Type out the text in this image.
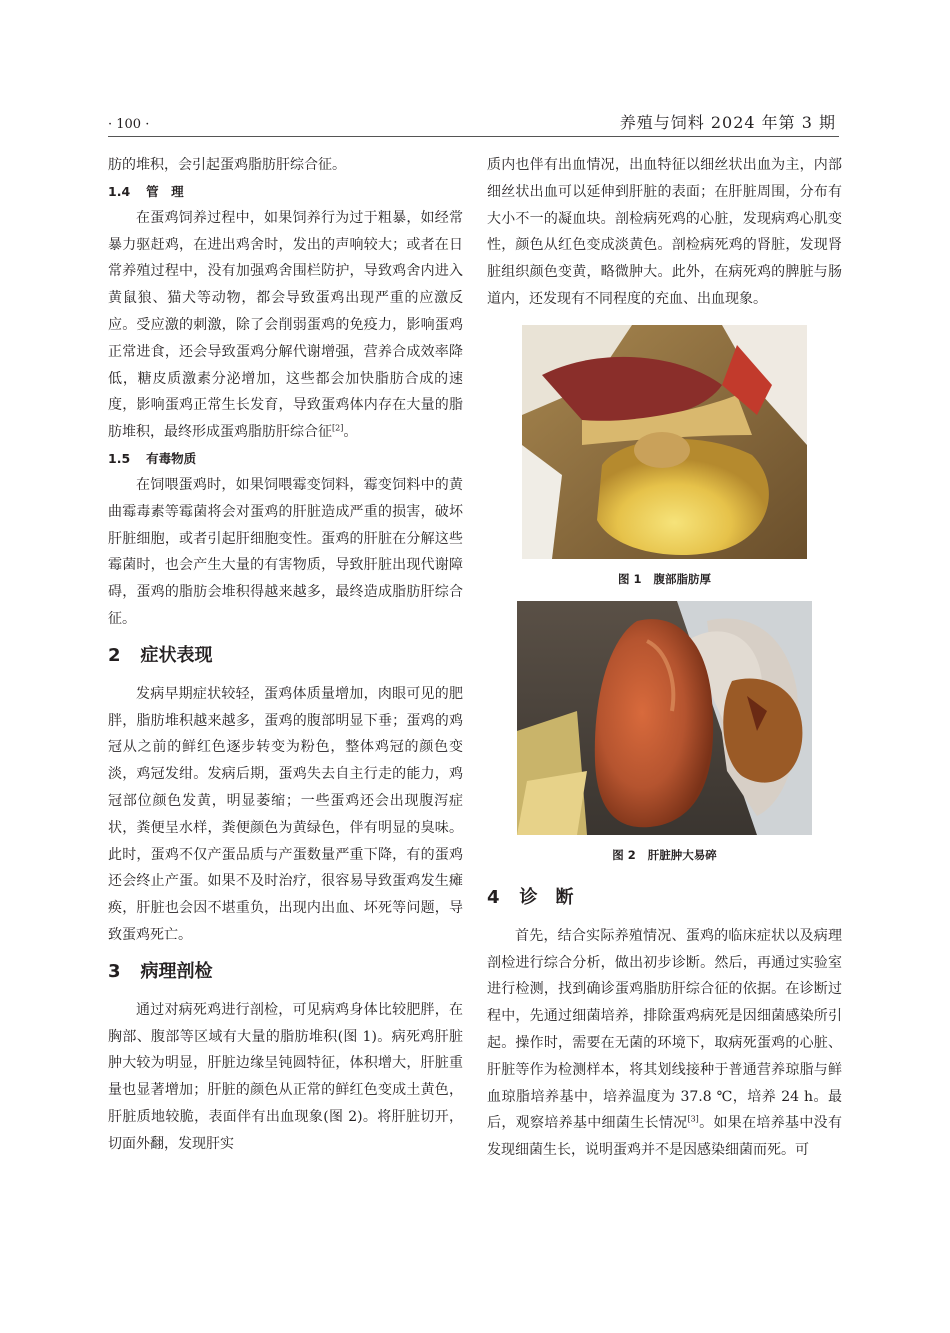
· 100 ·	养殖与饲料 2024 年第 3 期

肪的堆积，会引起蛋鸡脂肪肝综合征。

1.4 管　理

在蛋鸡饲养过程中，如果饲养行为过于粗暴，如经常暴力驱赶鸡，在进出鸡舍时，发出的声响较大；或者在日常养殖过程中，没有加强鸡舍围栏防护，导致鸡舍内进入黄鼠狼、猫犬等动物，都会导致蛋鸡出现严重的应激反应。受应激的刺激，除了会削弱蛋鸡的免疫力，影响蛋鸡正常进食，还会导致蛋鸡分解代谢增强，营养合成效率降低，糖皮质激素分泌增加，这些都会加快脂肪合成的速度，影响蛋鸡正常生长发育，导致蛋鸡体内存在大量的脂肪堆积，最终形成蛋鸡脂肪肝综合征[2]。

1.5 有毒物质

在饲喂蛋鸡时，如果饲喂霉变饲料，霉变饲料中的黄曲霉毒素等霉菌将会对蛋鸡的肝脏造成严重的损害，破坏肝脏细胞，或者引起肝细胞变性。蛋鸡的肝脏在分解这些霉菌时，也会产生大量的有害物质，导致肝脏出现代谢障碍，蛋鸡的脂肪会堆积得越来越多，最终造成脂肪肝综合征。

2 症状表现

发病早期症状较轻，蛋鸡体质量增加，肉眼可见的肥胖，脂肪堆积越来越多，蛋鸡的腹部明显下垂；蛋鸡的鸡冠从之前的鲜红色逐步转变为粉色，整体鸡冠的颜色变淡，鸡冠发绀。发病后期，蛋鸡失去自主行走的能力，鸡冠部位颜色发黄，明显萎缩；一些蛋鸡还会出现腹泻症状，粪便呈水样，粪便颜色为黄绿色，伴有明显的臭味。此时，蛋鸡不仅产蛋品质与产蛋数量严重下降，有的蛋鸡还会终止产蛋。如果不及时治疗，很容易导致蛋鸡发生瘫痪，肝脏也会因不堪重负，出现内出血、坏死等问题，导致蛋鸡死亡。

3 病理剖检

通过对病死鸡进行剖检，可见病鸡身体比较肥胖，在胸部、腹部等区域有大量的脂肪堆积(图 1)。病死鸡肝脏肿大较为明显，肝脏边缘呈钝圆特征，体积增大，肝脏重量也显著增加；肝脏的颜色从正常的鲜红色变成土黄色，肝脏质地较脆，表面伴有出血现象(图 2)。将肝脏切开，切面外翻，发现肝实

质内也伴有出血情况，出血特征以细丝状出血为主，内部细丝状出血可以延伸到肝脏的表面；在肝脏周围，分布有大小不一的凝血块。剖检病死鸡的心脏，发现病鸡心肌变性，颜色从红色变成淡黄色。剖检病死鸡的肾脏，发现肾脏组织颜色变黄，略微肿大。此外，在病死鸡的脾脏与肠道内，还发现有不同程度的充血、出血现象。

图 1 腹部脂肪厚
图 2 肝脏肿大易碎
4 诊　断

首先，结合实际养殖情况、蛋鸡的临床症状以及病理剖检进行综合分析，做出初步诊断。然后，再通过实验室进行检测，找到确诊蛋鸡脂肪肝综合征的依据。在诊断过程中，先通过细菌培养，排除蛋鸡病死是因细菌感染所引起。操作时，需要在无菌的环境下，取病死蛋鸡的心脏、肝脏等作为检测样本，将其划线接种于普通营养琼脂与鲜血琼脂培养基中，培养温度为 37.8 ℃，培养 24 h。最后，观察培养基中细菌生长情况[3]。如果在培养基中没有发现细菌生长，说明蛋鸡并不是因感染细菌而死。可
